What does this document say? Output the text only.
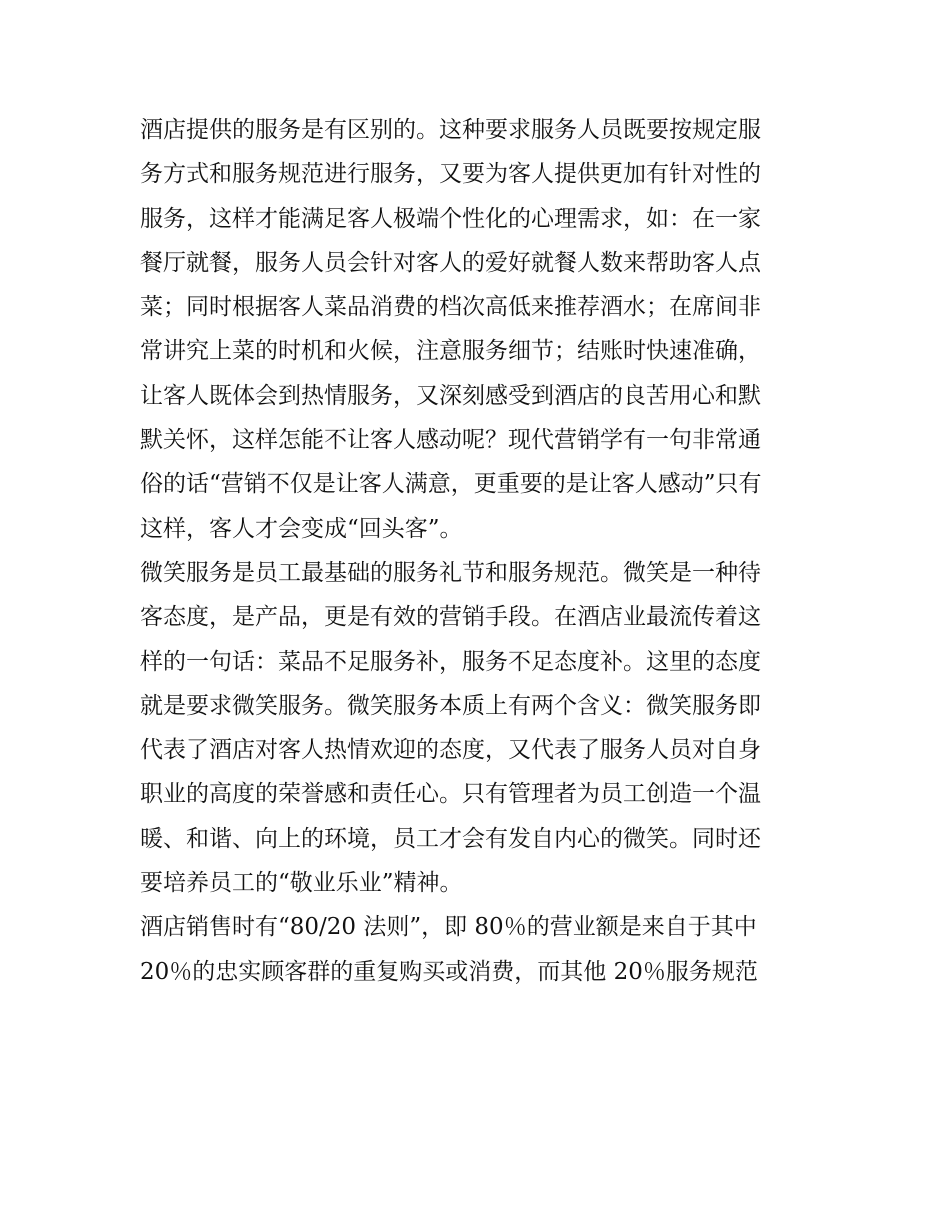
酒店提供的服务是有区别的。这种要求服务人员既要按规定服
务方式和服务规范进行服务，又要为客人提供更加有针对性的
服务，这样才能满足客人极端个性化的心理需求，如：在一家
餐厅就餐，服务人员会针对客人的爱好就餐人数来帮助客人点
菜；同时根据客人菜品消费的档次高低来推荐酒水；在席间非
常讲究上菜的时机和火候，注意服务细节；结账时快速准确，
让客人既体会到热情服务，又深刻感受到酒店的良苦用心和默
默关怀，这样怎能不让客人感动呢？现代营销学有一句非常通
俗的话“营销不仅是让客人满意，更重要的是让客人感动”只有
这样，客人才会变成“回头客”。
微笑服务是员工最基础的服务礼节和服务规范。微笑是一种待
客态度，是产品，更是有效的营销手段。在酒店业最流传着这
样的一句话：菜品不足服务补，服务不足态度补。这里的态度
就是要求微笑服务。微笑服务本质上有两个含义：微笑服务即
代表了酒店对客人热情欢迎的态度，又代表了服务人员对自身
职业的高度的荣誉感和责任心。只有管理者为员工创造一个温
暖、和谐、向上的环境，员工才会有发自内心的微笑。同时还
要培养员工的“敬业乐业”精神。
酒店销售时有“80/20 法则”，即 80％的营业额是来自于其中
20％的忠实顾客群的重复购买或消费，而其他 20％服务规范
